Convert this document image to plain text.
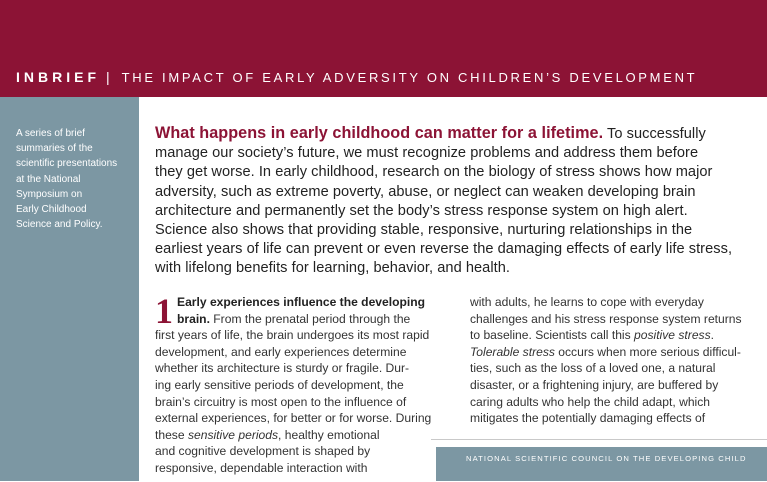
INBRIEF | THE IMPACT OF EARLY ADVERSITY ON CHILDREN’S DEVELOPMENT
A series of brief
summaries of the
scientific presentations
at the National
Symposium on
Early Childhood
Science and Policy.
What happens in early childhood can matter for a lifetime. To successfully
manage our society’s future, we must recognize problems and address them before
they get worse. In early childhood, research on the biology of stress shows how major
adversity, such as extreme poverty, abuse, or neglect can weaken developing brain
architecture and permanently set the body’s stress response system on high alert.
Science also shows that providing stable, responsive, nurturing relationships in the
earliest years of life can prevent or even reverse the damaging effects of early life stress,
with lifelong benefits for learning, behavior, and health.
1 Early experiences influence the developing
brain. From the prenatal period through the
first years of life, the brain undergoes its most rapid
development, and early experiences determine
whether its architecture is sturdy or fragile. Dur-
ing early sensitive periods of development, the
brain’s circuitry is most open to the influence of
external experiences, for better or for worse. During
these sensitive periods, healthy emotional
and cognitive development is shaped by
responsive, dependable interaction with
with adults, he learns to cope with everyday
challenges and his stress response system returns
to baseline. Scientists call this positive stress.
Tolerable stress occurs when more serious difficul-
ties, such as the loss of a loved one, a natural
disaster, or a frightening injury, are buffered by
caring adults who help the child adapt, which
mitigates the potentially damaging effects of
NATIONAL SCIENTIFIC COUNCIL ON THE DEVELOPING CHILD
